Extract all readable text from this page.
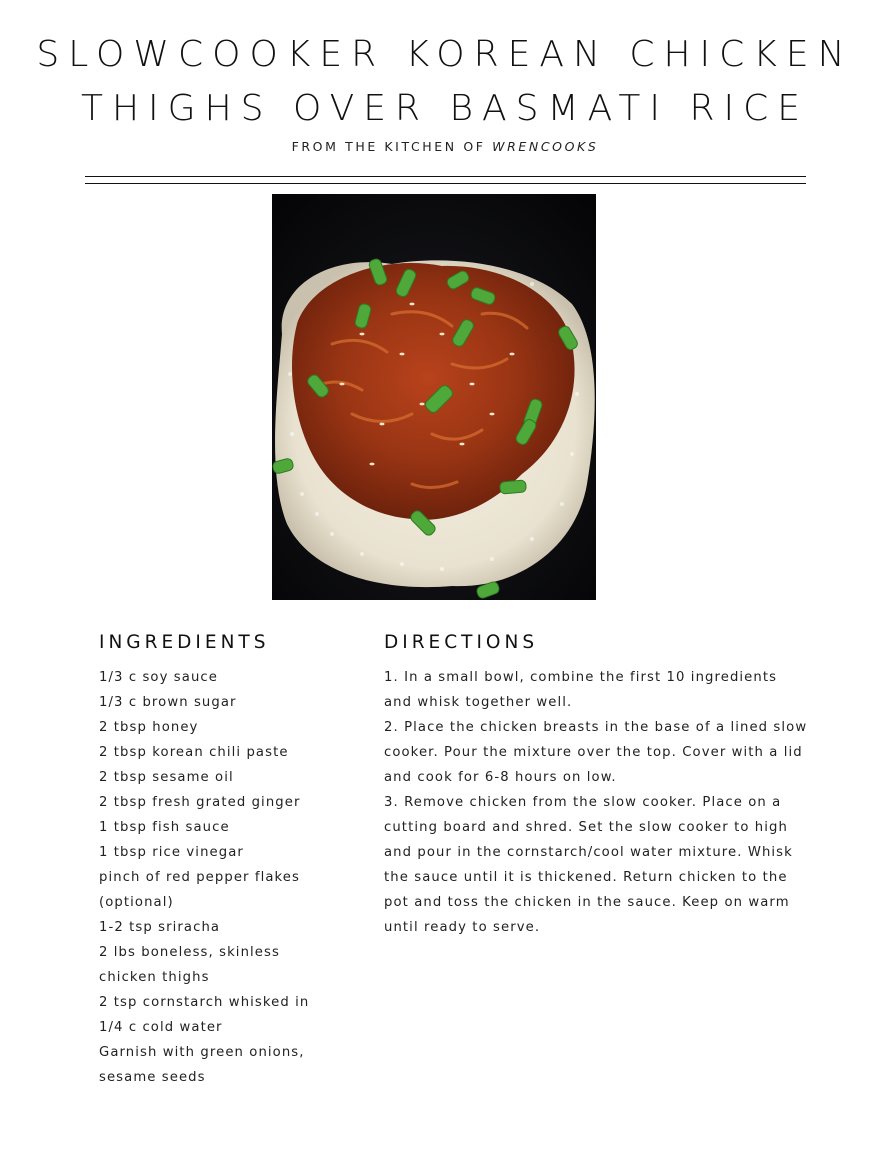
SLOWCOOKER KOREAN CHICKEN
THIGHS OVER BASMATI RICE
FROM THE KITCHEN OF WRENCOOKS
INGREDIENTS	DIRECTIONS
1/3 c soy sauce
1/3 c brown sugar
2 tbsp honey
2 tbsp korean chili paste
2 tbsp sesame oil
2 tbsp fresh grated ginger
1 tbsp fish sauce
1 tbsp rice vinegar
pinch of red pepper flakes (optional)
1-2 tsp sriracha
2 lbs boneless, skinless chicken thighs
2 tsp cornstarch whisked in 1/4 c cold water
Garnish with green onions, sesame seeds
1. In a small bowl, combine the first 10 ingredients and whisk together well.
2. Place the chicken breasts in the base of a lined slow cooker. Pour the mixture over the top. Cover with a lid and cook for 6-8 hours on low.
3. Remove chicken from the slow cooker. Place on a cutting board and shred. Set the slow cooker to high and pour in the cornstarch/cool water mixture. Whisk the sauce until it is thickened. Return chicken to the pot and toss the chicken in the sauce. Keep on warm until ready to serve.
